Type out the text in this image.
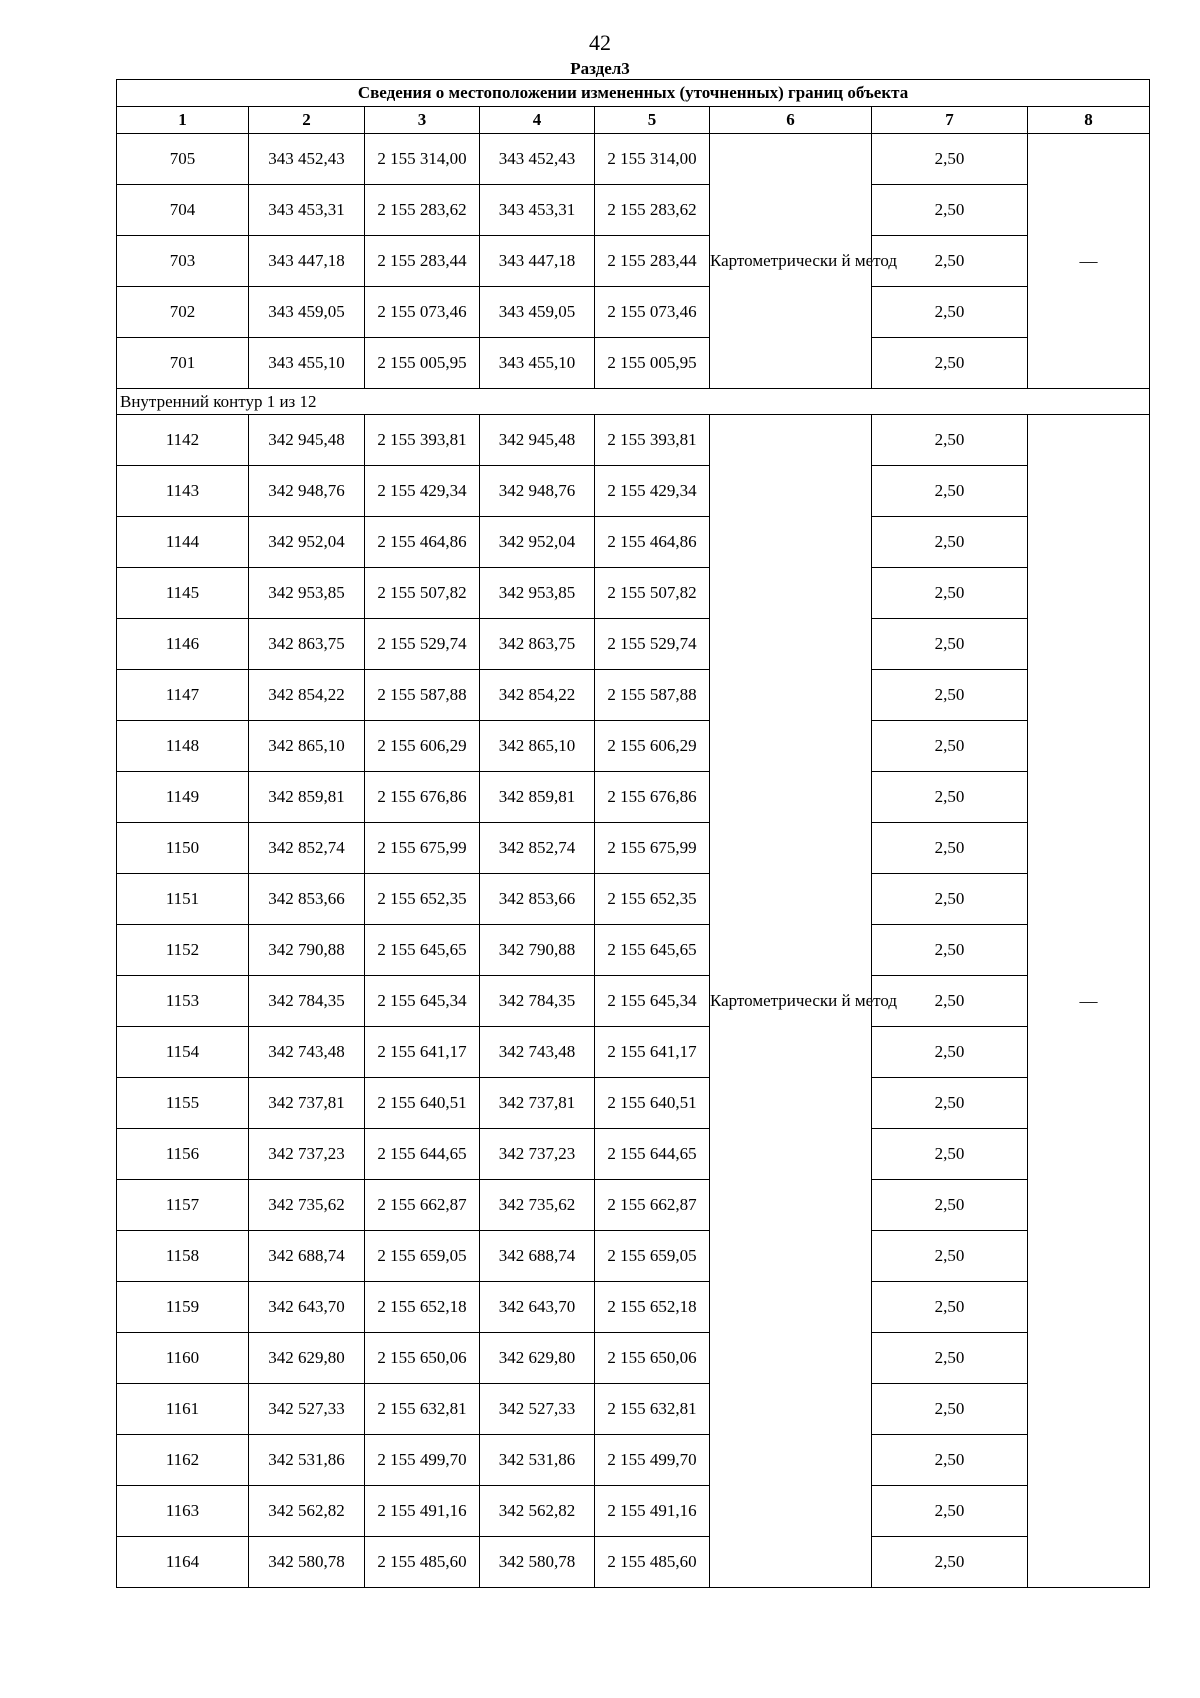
42
Раздел3
Сведения о местоположении измененных (уточненных) границ объекта							
1	2	3	4	5	6	7	8
705	343 452,43	2 155 314,00	343 452,43	2 155 314,00	Картометрически й метод	2,50	—
704	343 453,31	2 155 283,62	343 453,31	2 155 283,62		2,50	
703	343 447,18	2 155 283,44	343 447,18	2 155 283,44		2,50	
702	343 459,05	2 155 073,46	343 459,05	2 155 073,46		2,50	
701	343 455,10	2 155 005,95	343 455,10	2 155 005,95		2,50	
Внутренний контур 1 из 12							
1142	342 945,48	2 155 393,81	342 945,48	2 155 393,81	Картометрически й метод	2,50	—
1143	342 948,76	2 155 429,34	342 948,76	2 155 429,34		2,50	
1144	342 952,04	2 155 464,86	342 952,04	2 155 464,86		2,50	
1145	342 953,85	2 155 507,82	342 953,85	2 155 507,82		2,50	
1146	342 863,75	2 155 529,74	342 863,75	2 155 529,74		2,50	
1147	342 854,22	2 155 587,88	342 854,22	2 155 587,88		2,50	
1148	342 865,10	2 155 606,29	342 865,10	2 155 606,29		2,50	
1149	342 859,81	2 155 676,86	342 859,81	2 155 676,86		2,50	
1150	342 852,74	2 155 675,99	342 852,74	2 155 675,99		2,50	
1151	342 853,66	2 155 652,35	342 853,66	2 155 652,35		2,50	
1152	342 790,88	2 155 645,65	342 790,88	2 155 645,65		2,50	
1153	342 784,35	2 155 645,34	342 784,35	2 155 645,34		2,50	
1154	342 743,48	2 155 641,17	342 743,48	2 155 641,17		2,50	
1155	342 737,81	2 155 640,51	342 737,81	2 155 640,51		2,50	
1156	342 737,23	2 155 644,65	342 737,23	2 155 644,65		2,50	
1157	342 735,62	2 155 662,87	342 735,62	2 155 662,87		2,50	
1158	342 688,74	2 155 659,05	342 688,74	2 155 659,05		2,50	
1159	342 643,70	2 155 652,18	342 643,70	2 155 652,18		2,50	
1160	342 629,80	2 155 650,06	342 629,80	2 155 650,06		2,50	
1161	342 527,33	2 155 632,81	342 527,33	2 155 632,81		2,50	
1162	342 531,86	2 155 499,70	342 531,86	2 155 499,70		2,50	
1163	342 562,82	2 155 491,16	342 562,82	2 155 491,16		2,50	
1164	342 580,78	2 155 485,60	342 580,78	2 155 485,60		2,50	
